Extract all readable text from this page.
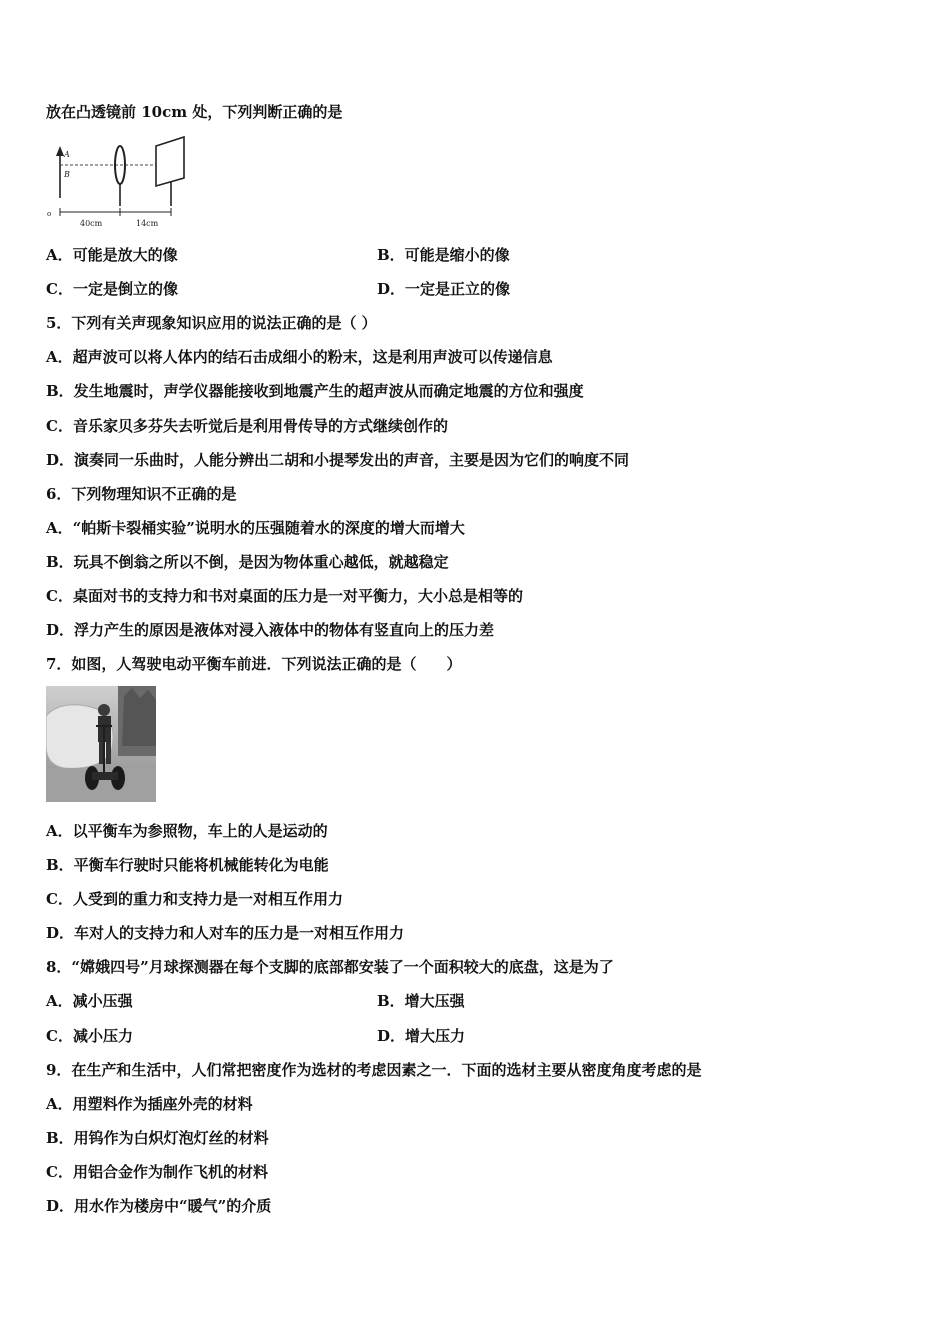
放在凸透镜前 10cm 处，下列判断正确的是
A
B
o
40cm	14cm
A．可能是放大的像	B．可能是缩小的像
C．一定是倒立的像	D．一定是正立的像
5．下列有关声现象知识应用的说法正确的是（ ）
A．超声波可以将人体内的结石击成细小的粉末，这是利用声波可以传递信息
B．发生地震时，声学仪器能接收到地震产生的超声波从而确定地震的方位和强度
C．音乐家贝多芬失去听觉后是利用骨传导的方式继续创作的
D．演奏同一乐曲时，人能分辨出二胡和小提琴发出的声音，主要是因为它们的响度不同
6．下列物理知识不正确的是
A．“帕斯卡裂桶实验”说明水的压强随着水的深度的增大而增大
B．玩具不倒翁之所以不倒，是因为物体重心越低，就越稳定
C．桌面对书的支持力和书对桌面的压力是一对平衡力，大小总是相等的
D．浮力产生的原因是液体对浸入液体中的物体有竖直向上的压力差
7．如图，人驾驶电动平衡车前进．下列说法正确的是（　　）
A．以平衡车为参照物，车上的人是运动的
B．平衡车行驶时只能将机械能转化为电能
C．人受到的重力和支持力是一对相互作用力
D．车对人的支持力和人对车的压力是一对相互作用力
8．“嫦娥四号”月球探测器在每个支脚的底部都安装了一个面积较大的底盘，这是为了
A．减小压强	B．增大压强
C．减小压力	D．增大压力
9．在生产和生活中，人们常把密度作为选材的考虑因素之一．下面的选材主要从密度角度考虑的是
A．用塑料作为插座外壳的材料
B．用钨作为白炽灯泡灯丝的材料
C．用铝合金作为制作飞机的材料
D．用水作为楼房中“暖气”的介质
